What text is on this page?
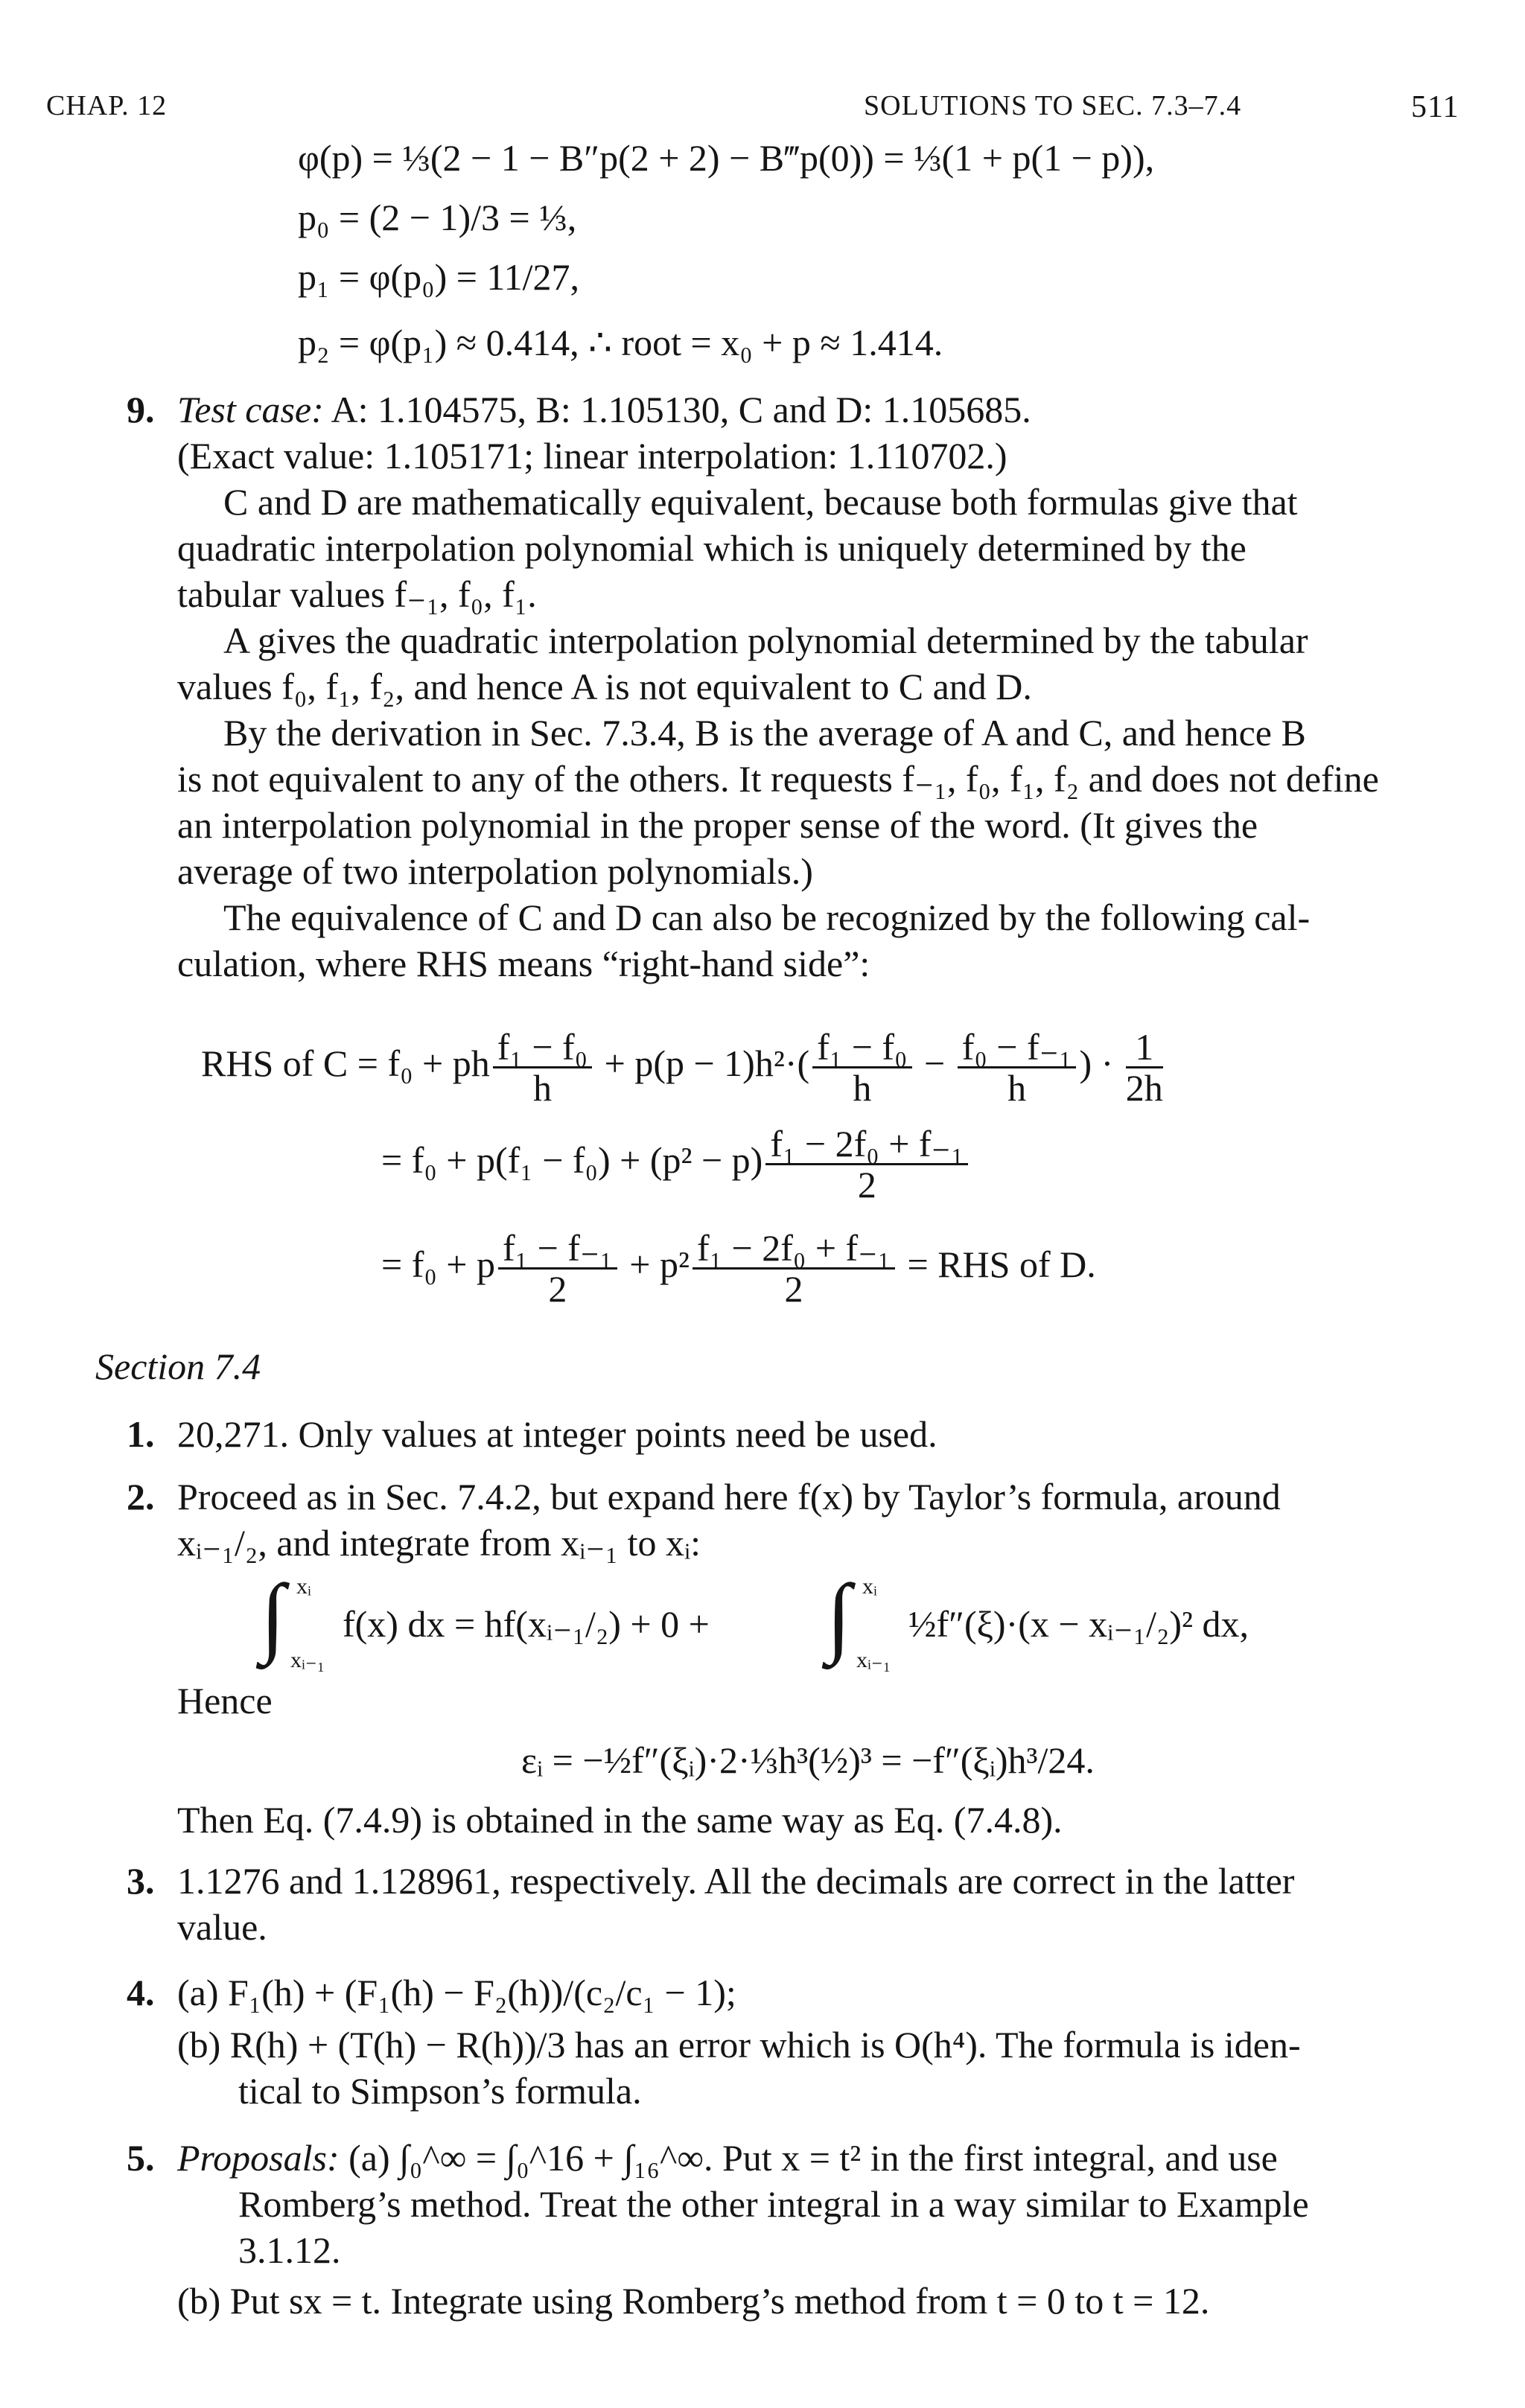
CHAP. 12	SOLUTIONS TO SEC. 7.3–7.4	511
φ(p) = ⅓(2 − 1 − B″p(2 + 2) − B‴p(0)) = ⅓(1 + p(1 − p)),
p₀ = (2 − 1)/3 = ⅓,
p₁ = φ(p₀) = 11/27,
p₂ = φ(p₁) ≈ 0.414, ∴ root = x₀ + p ≈ 1.414.
9. Test case: A: 1.104575, B: 1.105130, C and D: 1.105685.
(Exact value: 1.105171; linear interpolation: 1.110702.)
C and D are mathematically equivalent, because both formulas give that
quadratic interpolation polynomial which is uniquely determined by the
tabular values f₋₁, f₀, f₁.
A gives the quadratic interpolation polynomial determined by the tabular
values f₀, f₁, f₂, and hence A is not equivalent to C and D.
By the derivation in Sec. 7.3.4, B is the average of A and C, and hence B
is not equivalent to any of the others. It requests f₋₁, f₀, f₁, f₂ and does not define
an interpolation polynomial in the proper sense of the word. (It gives the
average of two interpolation polynomials.)
The equivalence of C and D can also be recognized by the following cal-
culation, where RHS means “right-hand side”:
RHS of C = f₀ + ph $\frac{\text{f₁ − f₀}}{h} + p(p - 1)h^2\cdot( \frac{\text{f₁ − f₀}}{h} - \frac{\text{f₀ − f₋₁}}{h}$ ) · $\frac{1}{2h}$
= $f_0 + p(f_1 - f_0) + (p^2 - p) \frac{\text{f₁ − 2f₀ + f₋₁}}{2}$
= f₀ + p $\frac{\text{f₁ − f₋₁}}{2} + p^2 \frac{\text{f₁ − 2f₀ + f₋₁}}{2}$ = RHS of D.
Section 7.4
1. 20,271. Only values at integer points need be used.
2. Proceed as in Sec. 7.4.2, but expand here f(x) by Taylor’s formula, around
xᵢ₋₁/₂, and integrate from xᵢ₋₁ to xᵢ:
∫ xᵢ
xᵢ₋₁
f(x) dx = hf(xᵢ₋₁/₂) + 0 + ∫ xᵢ
xᵢ₋₁
½f″(ξ)·(x − xᵢ₋₁/₂)² dx,
Hence
εᵢ = −½f″(ξᵢ)·2·⅓h³(½)³ = −f″(ξᵢ)h³/24.
Then Eq. (7.4.9) is obtained in the same way as Eq. (7.4.8).
3. 1.1276 and 1.128961, respectively. All the decimals are correct in the latter
value.
4. (a) F₁(h) + (F₁(h) − F₂(h))/(c₂/c₁ − 1);
(b) R(h) + (T(h) − R(h))/3 has an error which is O(h⁴). The formula is iden-
tical to Simpson’s formula.
5. Proposals: (a) ∫₀^∞ = ∫₀^16 + ∫₁₆^∞. Put x = t² in the first integral, and use
Romberg’s method. Treat the other integral in a way similar to Example
3.1.12.
(b) Put sx = t. Integrate using Romberg’s method from t = 0 to t = 12.
